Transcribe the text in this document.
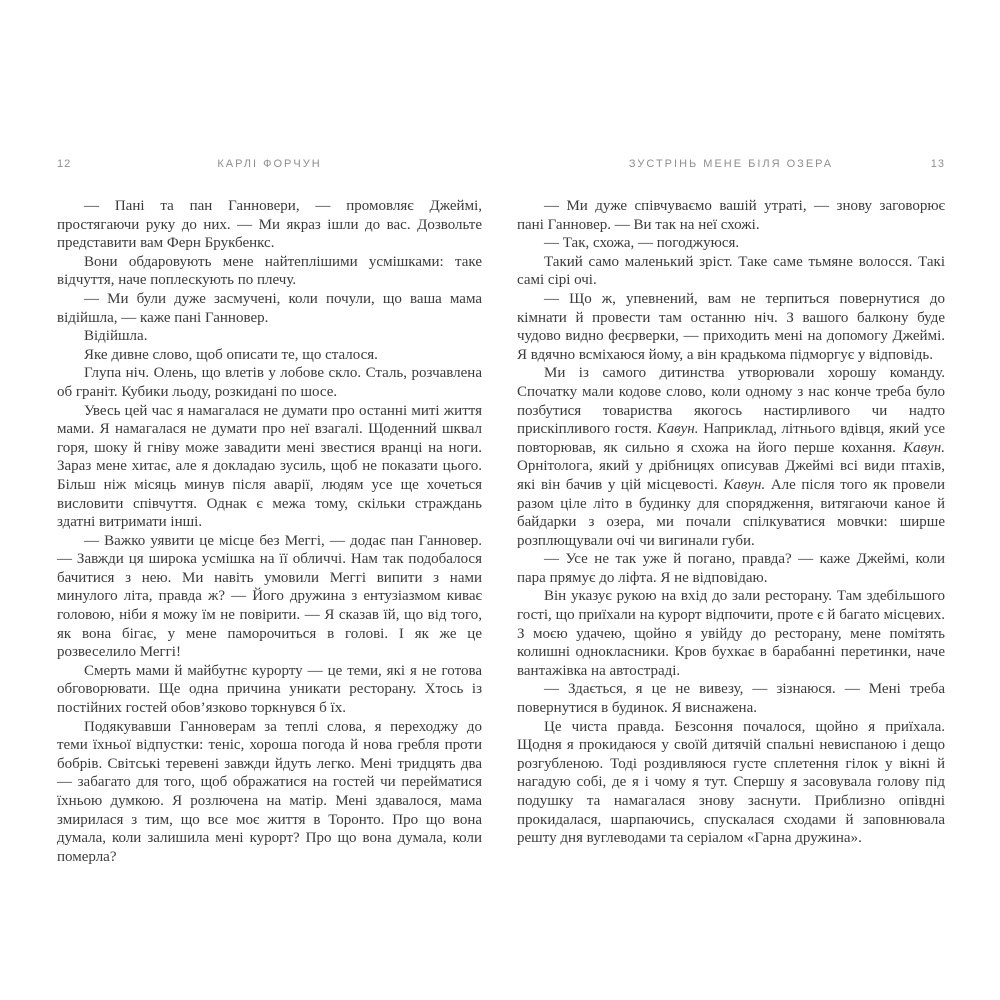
12	КАРЛІ ФОРЧУН

— Пані та пан Ганновери, — промовляє Джеймі, простягаючи руку до них. — Ми якраз ішли до вас. Дозвольте представити вам Ферн Брукбенкс.

Вони обдаровують мене найтеплішими усмішками: таке відчуття, наче поплескують по плечу.

— Ми були дуже засмучені, коли почули, що ваша мама відійшла, — каже пані Ганновер.

Відійшла.

Яке дивне слово, щоб описати те, що сталося.

Глупа ніч. Олень, що влетів у лобове скло. Сталь, розчавлена об граніт. Кубики льоду, розкидані по шосе.

Увесь цей час я намагалася не думати про останні миті життя мами. Я намагалася не думати про неї взагалі. Щоденний шквал горя, шоку й гніву може завадити мені звестися вранці на ноги. Зараз мене хитає, але я докладаю зусиль, щоб не показати цього. Більш ніж місяць минув після аварії, людям усе ще хочеться висловити співчуття. Однак є межа тому, скільки страждань здатні витримати інші.

— Важко уявити це місце без Меггі, — додає пан Ганновер. — Завжди ця широка усмішка на її обличчі. Нам так подобалося бачитися з нею. Ми навіть умовили Меггі випити з нами минулого літа, правда ж? — Його дружина з ентузіазмом киває головою, ніби я можу їм не повірити. — Я сказав їй, що від того, як вона бігає, у мене паморочиться в голові. І як же це розвеселило Меггі!

Смерть мами й майбутнє курорту — це теми, які я не готова обговорювати. Ще одна причина уникати ресторану. Хтось із постійних гостей обов’язково торкнувся б їх.

Подякувавши Ганноверам за теплі слова, я переходжу до теми їхньої відпустки: теніс, хороша погода й нова гребля проти бобрів. Світські теревені завжди йдуть легко. Мені тридцять два — забагато для того, щоб ображатися на гостей чи перейматися їхньою думкою. Я розлючена на матір. Мені здавалося, мама змирилася з тим, що все моє життя в Торонто. Про що вона думала, коли залишила мені курорт? Про що вона думала, коли померла?

13
ЗУСТРІНЬ МЕНЕ БІЛЯ ОЗЕРА

— Ми дуже співчуваємо вашій утраті, — знову заговорює пані Ганновер. — Ви так на неї схожі.

— Так, схожа, — погоджуюся.

Такий само маленький зріст. Таке саме тьмяне волосся. Такі самі сірі очі.

— Що ж, упевнений, вам не терпиться повернутися до кімнати й провести там останню ніч. З вашого балкону буде чудово видно феєрверки, — приходить мені на допомогу Джеймі. Я вдячно всміхаюся йому, а він крадькома підморгує у відповідь.

Ми із самого дитинства утворювали хорошу команду. Спочатку мали кодове слово, коли одному з нас конче треба було позбутися товариства якогось настирливого чи надто прискіпливого гостя. Кавун. Наприклад, літнього вдівця, який усе повторював, як сильно я схожа на його перше кохання. Кавун. Орнітолога, який у дрібницях описував Джеймі всі види птахів, які він бачив у цій місцевості. Кавун. Але після того як провели разом ціле літо в будинку для спорядження, витягаючи каное й байдарки з озера, ми почали спілкуватися мовчки: ширше розплющували очі чи вигинали губи.

— Усе не так уже й погано, правда? — каже Джеймі, коли пара прямує до ліфта. Я не відповідаю.

Він указує рукою на вхід до зали ресторану. Там здебільшого гості, що приїхали на курорт відпочити, проте є й багато місцевих. З моєю удачею, щойно я увійду до ресторану, мене помітять колишні однокласники. Кров бухкає в барабанні перетинки, наче вантажівка на автостраді.

— Здається, я це не вивезу, — зізнаюся. — Мені треба повернутися в будинок. Я виснажена.

Це чиста правда. Безсоння почалося, щойно я приїхала. Щодня я прокидаюся у своїй дитячій спальні невиспаною і дещо розгубленою. Тоді роздивляюся густе сплетення гілок у вікні й нагадую собі, де я і чому я тут. Спершу я засовувала голову під подушку та намагалася знову заснути. Приблизно опівдні прокидалася, шарпаючись, спускалася сходами й заповнювала решту дня вуглеводами та серіалом «Гарна дружина».
